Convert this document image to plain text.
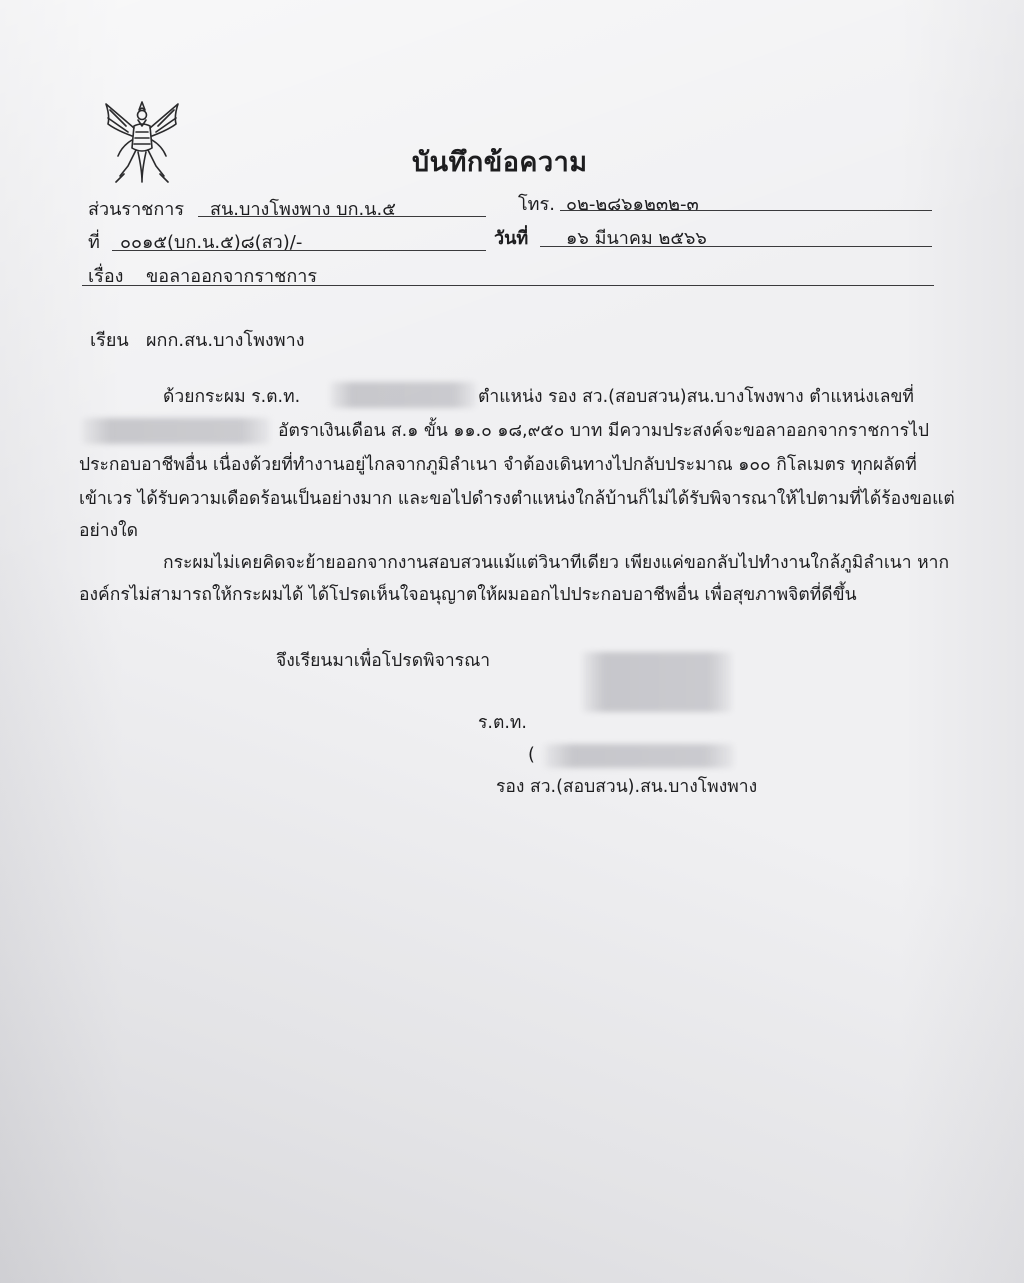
บันทึกข้อความ
ส่วนราชการ สน.บางโพงพาง บก.น.๕	โทร. ๐๒-๒๘๖๑๒๓๒-๓
ที่ ๐๐๑๕(บก.น.๕)๘(สว)/-	วันที่ ๑๖ มีนาคม ๒๕๖๖
เรื่อง ขอลาออกจากราชการ
เรียน ผกก.สน.บางโพงพาง
ด้วยกระผม ร.ต.ท.	ตำแหน่ง รอง สว.(สอบสวน)สน.บางโพงพาง ตำแหน่งเลขที่
อัตราเงินเดือน ส.๑ ขั้น ๑๑.๐ ๑๘,๙๕๐ บาท มีความประสงค์จะขอลาออกจากราชการไป
ประกอบอาชีพอื่น เนื่องด้วยที่ทำงานอยู่ไกลจากภูมิลำเนา จำต้องเดินทางไปกลับประมาณ ๑๐๐ กิโลเมตร ทุกผลัดที่
เข้าเวร ได้รับความเดือดร้อนเป็นอย่างมาก และขอไปดำรงตำแหน่งใกล้บ้านก็ไม่ได้รับพิจารณาให้ไปตามที่ได้ร้องขอแต่
อย่างใด
กระผมไม่เคยคิดจะย้ายออกจากงานสอบสวนแม้แต่วินาทีเดียว เพียงแค่ขอกลับไปทำงานใกล้ภูมิลำเนา หาก
องค์กรไม่สามารถให้กระผมได้ ได้โปรดเห็นใจอนุญาตให้ผมออกไปประกอบอาชีพอื่น เพื่อสุขภาพจิตที่ดีขึ้น
จึงเรียนมาเพื่อโปรดพิจารณา
ร.ต.ท.
(
รอง สว.(สอบสวน).สน.บางโพงพาง
